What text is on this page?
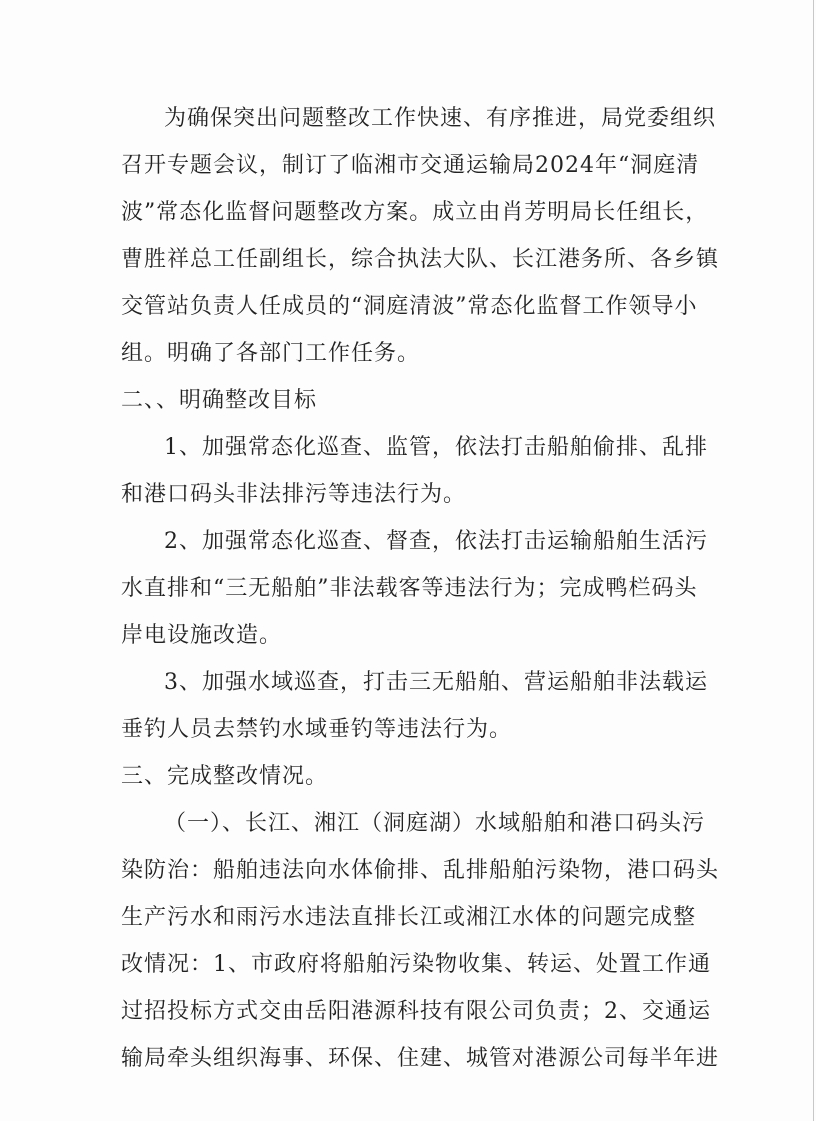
为确保突出问题整改工作快速、有序推进，局党委组织
召开专题会议，制订了临湘市交通运输局2024年“洞庭清
波”常态化监督问题整改方案。成立由肖芳明局长任组长，
曹胜祥总工任副组长，综合执法大队、长江港务所、各乡镇
交管站负责人任成员的“洞庭清波”常态化监督工作领导小
组。明确了各部门工作任务。
二、、明确整改目标
1、加强常态化巡查、监管，依法打击船舶偷排、乱排
和港口码头非法排污等违法行为。
2、加强常态化巡查、督查，依法打击运输船舶生活污
水直排和“三无船舶”非法载客等违法行为；完成鸭栏码头
岸电设施改造。
3、加强水域巡查，打击三无船舶、营运船舶非法载运
垂钓人员去禁钓水域垂钓等违法行为。
三、完成整改情况。
（一）、长江、湘江（洞庭湖）水域船舶和港口码头污
染防治：船舶违法向水体偷排、乱排船舶污染物，港口码头
生产污水和雨污水违法直排长江或湘江水体的问题完成整
改情况：1、市政府将船舶污染物收集、转运、处置工作通
过招投标方式交由岳阳港源科技有限公司负责；2、交通运
输局牵头组织海事、环保、住建、城管对港源公司每半年进
